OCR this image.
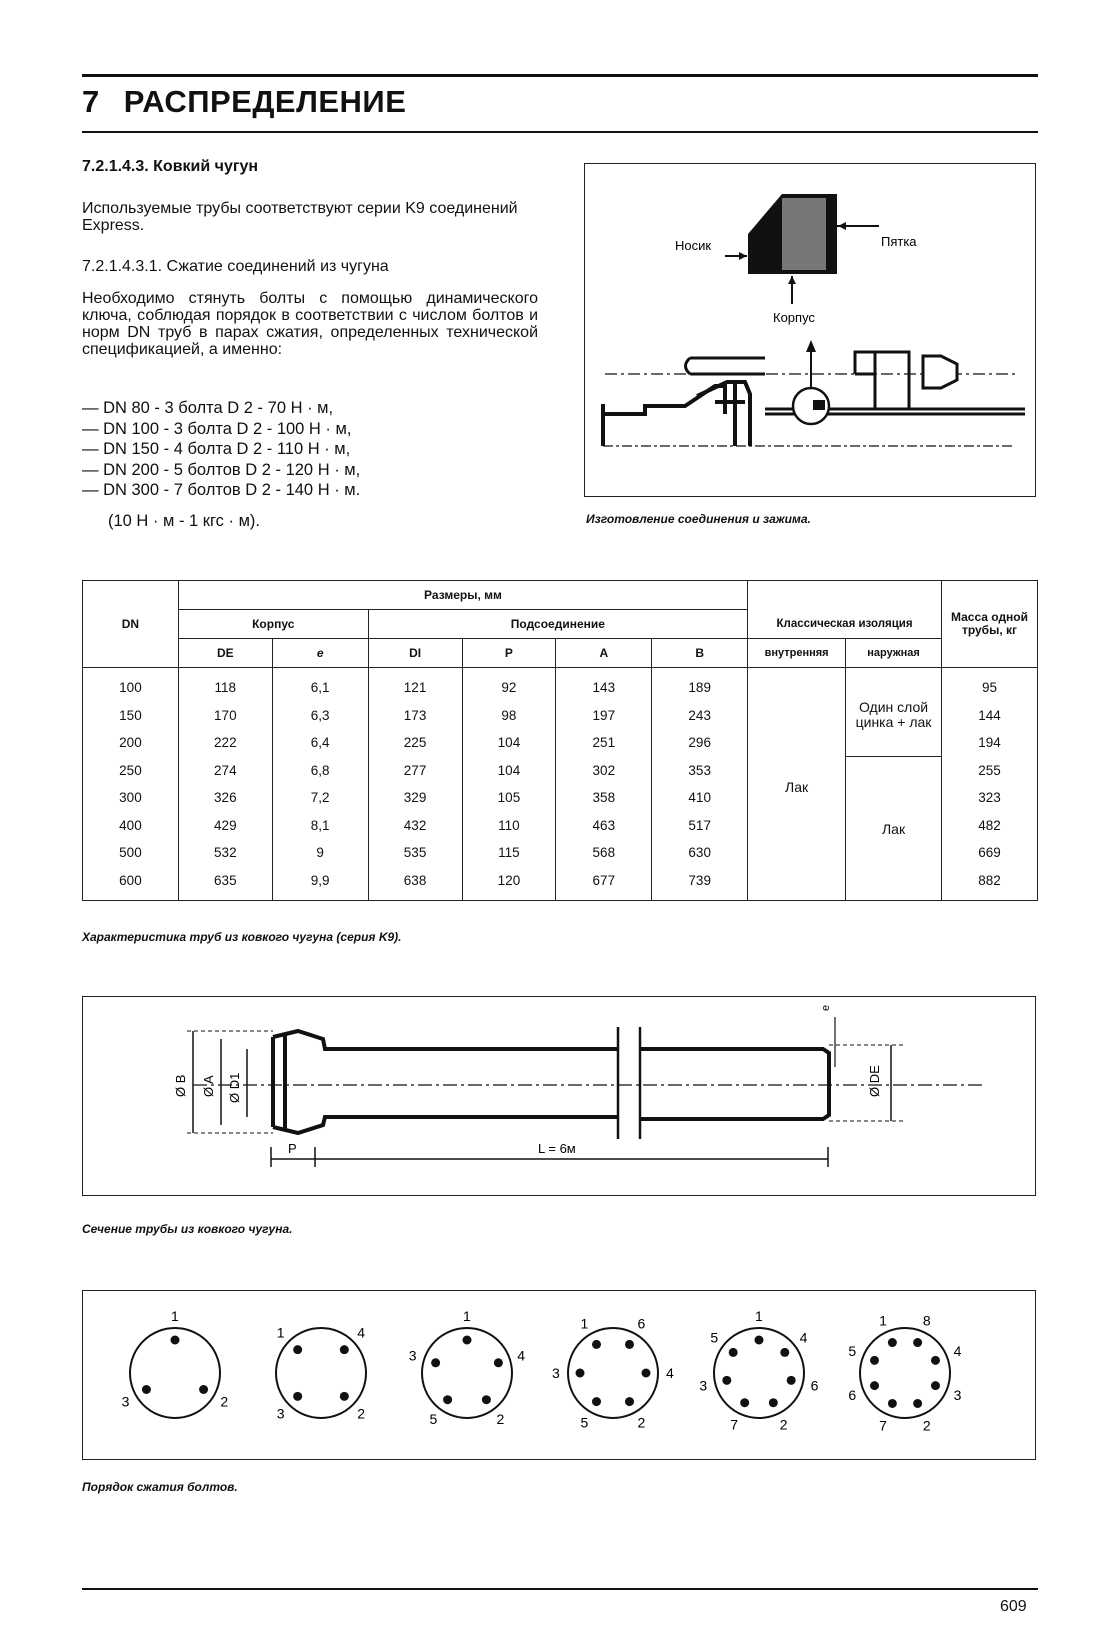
7 РАСПРЕДЕЛЕНИЕ
7.2.1.4.3. Ковкий чугун
Используемые трубы соответствуют серии K9 соединений Express.
7.2.1.4.3.1. Сжатие соединений из чугуна
Необходимо стянуть болты с помощью динамического ключа, соблюдая порядок в соответствии с числом болтов и норм DN труб в парах сжатия, определенных технической спецификацией, а именно:
— DN 80 - 3 болта D 2 - 70 Н · м,
— DN 100 - 3 болта D 2 - 100 Н · м,
— DN 150 - 4 болта D 2 - 110 Н · м,
— DN 200 - 5 болтов D 2 - 120 Н · м,
— DN 300 - 7 болтов D 2 - 140 Н · м.
(10 Н · м - 1 кгс · м).
Носик	Пятка
Корпус
Изготовление соединения и зажима.
DN	Размеры, мм								Масса одной трубы, кг
	Корпус		Подсоединение				Классическая изоляция		
	DE	e	DI	P	A	B	внутренняя	наружная	
100	118	6,1	121	92	143	189	Лак	Один слой цинка + лак	95
150	170	6,3	173	98	197	243			144
200	222	6,4	225	104	251	296			194
250	274	6,8	277	104	302	353		Лак	255
300	326	7,2	329	105	358	410			323
400	429	8,1	432	110	463	517			482
500	532	9	535	115	568	630			669
600	635	9,9	638	120	677	739			882
Характеристика труб из ковкого чугуна (серия K9).
Ø B Ø A Ø D1	Ø DE
e
P	L = 6м
Сечение трубы из ковкого чугуна.
1
2
3
1	4
2
3
1
4
2
5
3
1	6
4
2
5
3
1
4
6
2
7
3
5
1	8
4
3
2
7
6
5
Порядок сжатия болтов.
609
